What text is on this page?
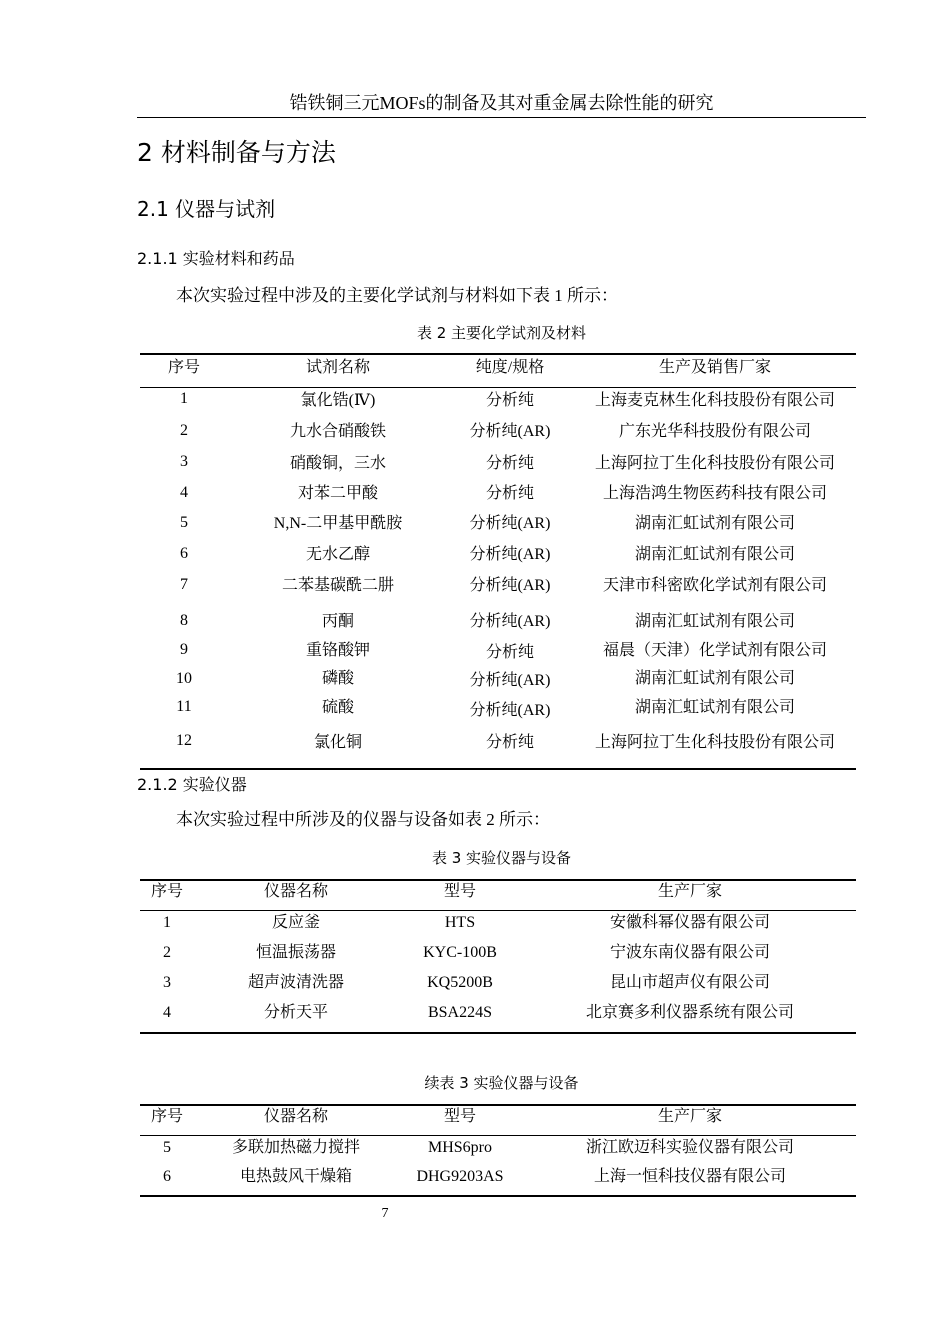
锆铁铜三元MOFs的制备及其对重金属去除性能的研究
2 材料制备与方法
2.1 仪器与试剂
2.1.1 实验材料和药品
本次实验过程中涉及的主要化学试剂与材料如下表 1 所示：
表 2 主要化学试剂及材料
序号	试剂名称	纯度/规格	生产及销售厂家
1	氯化锆(Ⅳ)	分析纯	上海麦克林生化科技股份有限公司
2	九水合硝酸铁	分析纯(AR)	广东光华科技股份有限公司
3	硝酸铜，三水	分析纯	上海阿拉丁生化科技股份有限公司
4	对苯二甲酸	分析纯	上海浩鸿生物医药科技有限公司
5	N,N-二甲基甲酰胺	分析纯(AR)	湖南汇虹试剂有限公司
6	无水乙醇	分析纯(AR)	湖南汇虹试剂有限公司
7	二苯基碳酰二肼	分析纯(AR)	天津市科密欧化学试剂有限公司
8	丙酮	分析纯(AR)	湖南汇虹试剂有限公司
9	重铬酸钾	分析纯	福晨（天津）化学试剂有限公司
10	磷酸	分析纯(AR)	湖南汇虹试剂有限公司
11	硫酸	分析纯(AR)	湖南汇虹试剂有限公司
12	氯化铜	分析纯	上海阿拉丁生化科技股份有限公司
2.1.2 实验仪器
本次实验过程中所涉及的仪器与设备如表 2 所示：
表 3 实验仪器与设备
序号	仪器名称	型号	生产厂家
1	反应釜	HTS	安徽科幂仪器有限公司
2	恒温振荡器	KYC-100B	宁波东南仪器有限公司
3	超声波清洗器	KQ5200B	昆山市超声仪有限公司
4	分析天平	BSA224S	北京赛多利仪器系统有限公司
续表 3 实验仪器与设备
序号	仪器名称	型号	生产厂家
5	多联加热磁力搅拌	MHS6pro	浙江欧迈科实验仪器有限公司
6	电热鼓风干燥箱	DHG9203AS	上海一恒科技仪器有限公司
7
